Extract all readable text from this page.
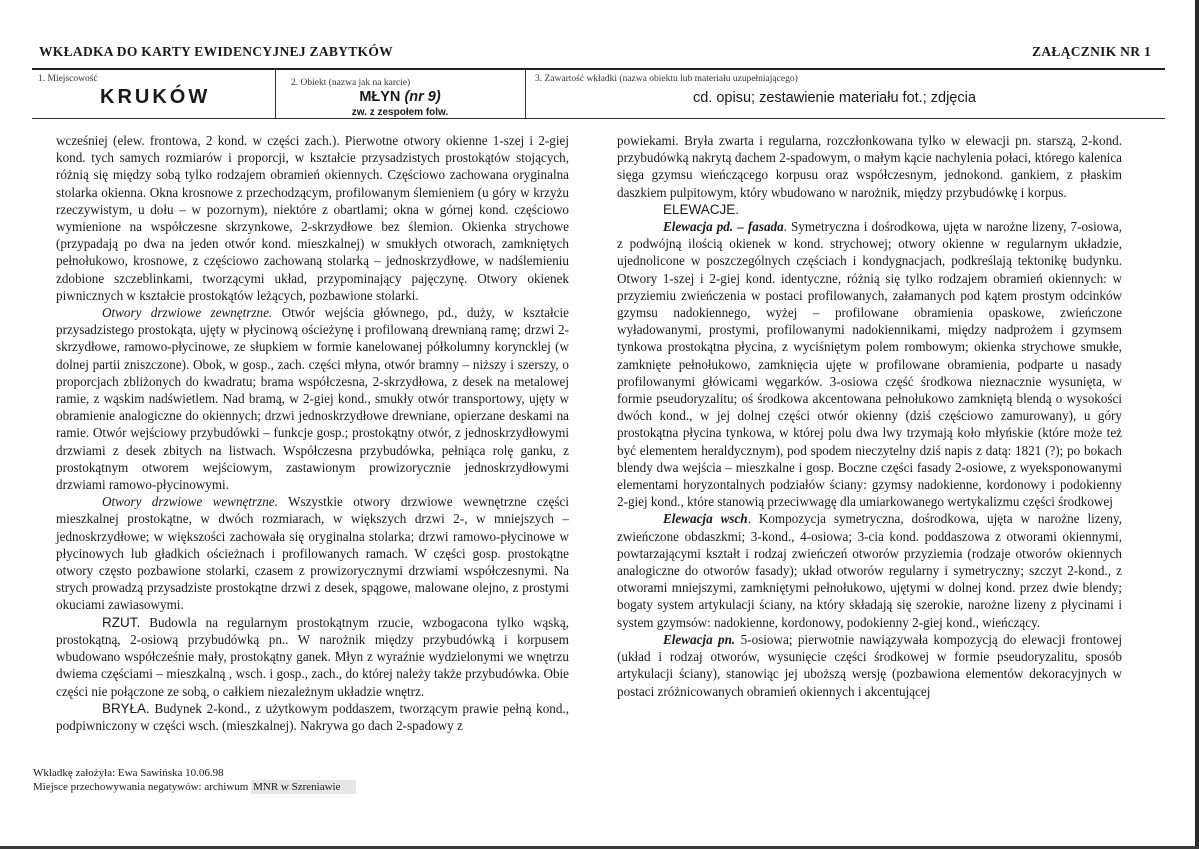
WKŁADKA DO KARTY EWIDENCYJNEJ ZABYTKÓW	ZAŁĄCZNIK NR 1
1. Miejscowość
KRUKÓW
2. Obiekt (nazwa jak na karcie)
MŁYN (nr 9)
zw. z zespołem folw.
3. Zawartość wkładki (nazwa obiektu lub materiału uzupełniającego)
cd. opisu; zestawienie materiału fot.; zdjęcia

wcześniej (elew. frontowa, 2 kond. w części zach.). Pierwotne otwory okienne 1-szej i 2-giej kond. tych samych rozmiarów i proporcji, w kształcie przysadzistych prostokątów stojących, różnią się między sobą tylko rodzajem obramień okiennych. Częściowo zachowana oryginalna stolarka okienna. Okna krosnowe z przechodzącym, profilowanym ślemieniem (u góry w krzyżu rzeczywistym, u dołu – w pozornym), niektóre z obartlami; okna w górnej kond. częściowo wymienione na współczesne skrzynkowe, 2-skrzydłowe bez ślemion. Okienka strychowe (przypadają po dwa na jeden otwór kond. mieszkalnej) w smukłych otworach, zamkniętych pełnołukowo, krosnowe, z częściowo zachowaną stolarką – jednoskrzydłowe, w nadślemieniu zdobione szczeblinkami, tworzącymi układ, przypominający pajęczynę. Otwory okienek piwnicznych w kształcie prostokątów leżących, pozbawione stolarki.

Otwory drzwiowe zewnętrzne. Otwór wejścia głównego, pd., duży, w kształcie przysadzistego prostokąta, ujęty w płycinową ościeżynę i profilowaną drewnianą ramę; drzwi 2-skrzydłowe, ramowo-płycinowe, ze słupkiem w formie kanelowanej półkolumny koryncklej (w dolnej partii zniszczone). Obok, w gosp., zach. części młyna, otwór bramny – niższy i szerszy, o proporcjach zbliżonych do kwadratu; brama współczesna, 2-skrzydłowa, z desek na metalowej ramie, z wąskim nadświetlem. Nad bramą, w 2-giej kond., smukły otwór transportowy, ujęty w obramienie analogiczne do okiennych; drzwi jednoskrzydłowe drewniane, opierzane deskami na ramie. Otwór wejściowy przybudówki – funkcje gosp.; prostokątny otwór, z jednoskrzydłowymi drzwiami z desek zbitych na listwach. Współczesna przybudówka, pełniąca rolę ganku, z prostokątnym otworem wejściowym, zastawionym prowizorycznie jednoskrzydłowymi drzwiami ramowo-płycinowymi.

Otwory drzwiowe wewnętrzne. Wszystkie otwory drzwiowe wewnętrzne części mieszkalnej prostokątne, w dwóch rozmiarach, w większych drzwi 2-, w mniejszych – jednoskrzydłowe; w większości zachowała się oryginalna stolarka; drzwi ramowo-płycinowe w płycinowych lub gładkich ościeżnach i profilowanych ramach. W części gosp. prostokątne otwory często pozbawione stolarki, czasem z prowizorycznymi drzwiami współczesnymi. Na strych prowadzą przysadziste prostokątne drzwi z desek, spągowe, malowane olejno, z prostymi okuciami zawiasowymi.

RZUT. Budowla na regularnym prostokątnym rzucie, wzbogacona tylko wąską, prostokątną, 2-osiową przybudówką pn.. W narożnik między przybudówką i korpusem wbudowano współcześnie mały, prostokątny ganek. Młyn z wyraźnie wydzielonymi we wnętrzu dwiema częściami – mieszkalną , wsch. i gosp., zach., do której należy także przybudówka. Obie części nie połączone ze sobą, o całkiem niezależnym układzie wnętrz.

BRYŁA. Budynek 2-kond., z użytkowym poddaszem, tworzącym prawie pełną kond., podpiwniczony w części wsch. (mieszkalnej). Nakrywa go dach 2-spadowy z

powiekami. Bryła zwarta i regularna, rozczłonkowana tylko w elewacji pn. starszą, 2-kond. przybudówką nakrytą dachem 2-spadowym, o małym kącie nachylenia połaci, którego kalenica sięga gzymsu wieńczącego korpusu oraz współczesnym, jednokond. gankiem, z płaskim daszkiem pulpitowym, który wbudowano w narożnik, między przybudówkę i korpus.

ELEWACJE.

Elewacja pd. – fasada. Symetryczna i dośrodkowa, ujęta w narożne lizeny, 7-osiowa, z podwójną ilością okienek w kond. strychowej; otwory okienne w regularnym układzie, ujednolicone w poszczególnych częściach i kondygnacjach, podkreślają tektonikę budynku. Otwory 1-szej i 2-giej kond. identyczne, różnią się tylko rodzajem obramień okiennych: w przyziemiu zwieńczenia w postaci profilowanych, załamanych pod kątem prostym odcinków gzymsu nadokiennego, wyżej – profilowane obramienia opaskowe, zwieńczone wyładowanymi, prostymi, profilowanymi nadokiennikami, między nadprożem i gzymsem tynkowa prostokątna płycina, z wyciśniętym polem rombowym; okienka strychowe smukłe, zamknięte pełnołukowo, zamknięcia ujęte w profilowane obramienia, podparte u nasady profilowanymi główicami węgarków. 3-osiowa część środkowa nieznacznie wysunięta, w formie pseudoryzalitu; oś środkowa akcentowana pełnołukowo zamkniętą blendą o wysokości dwóch kond., w jej dolnej części otwór okienny (dziś częściowo zamurowany), u góry prostokątna płycina tynkowa, w której polu dwa lwy trzymają koło młyńskie (które może też być elementem heraldycznym), pod spodem nieczytelny dziś napis z datą: 1821 (?); po bokach blendy dwa wejścia – mieszkalne i gosp. Boczne części fasady 2-osiowe, z wyeksponowanymi elementami horyzontalnych podziałów ściany: gzymsy nadokienne, kordonowy i podokienny 2-giej kond., które stanowią przeciwwagę dla umiarkowanego wertykalizmu części środkowej

Elewacja wsch. Kompozycja symetryczna, dośrodkowa, ujęta w narożne lizeny, zwieńczone obdaszkmi; 3-kond., 4-osiowa; 3-cia kond. poddaszowa z otworami okiennymi, powtarzającymi kształt i rodzaj zwieńczeń otworów przyziemia (rodzaje otworów okiennych analogiczne do otworów fasady); układ otworów regularny i symetryczny; szczyt 2-kond., z otworami mniejszymi, zamkniętymi pełnołukowo, ujętymi w dolnej kond. przez dwie blendy; bogaty system artykulacji ściany, na który składają się szerokie, narożne lizeny z płycinami i system gzymsów: nadokienne, kordonowy, podokienny 2-giej kond., wieńczący.

Elewacja pn. 5-osiowa; pierwotnie nawiązywała kompozycją do elewacji frontowej (układ i rodzaj otworów, wysunięcie części środkowej w formie pseudoryzalitu, sposób artykulacji ściany), stanowiąc jej uboższą wersję (pozbawiona elementów dekoracyjnych w postaci zróżnicowanych obramień okiennych i akcentującej

Wkładkę założyła: Ewa Sawińska 10.06.98
Miejsce przechowywania negatywów: archiwum MNR w Szreniawie
